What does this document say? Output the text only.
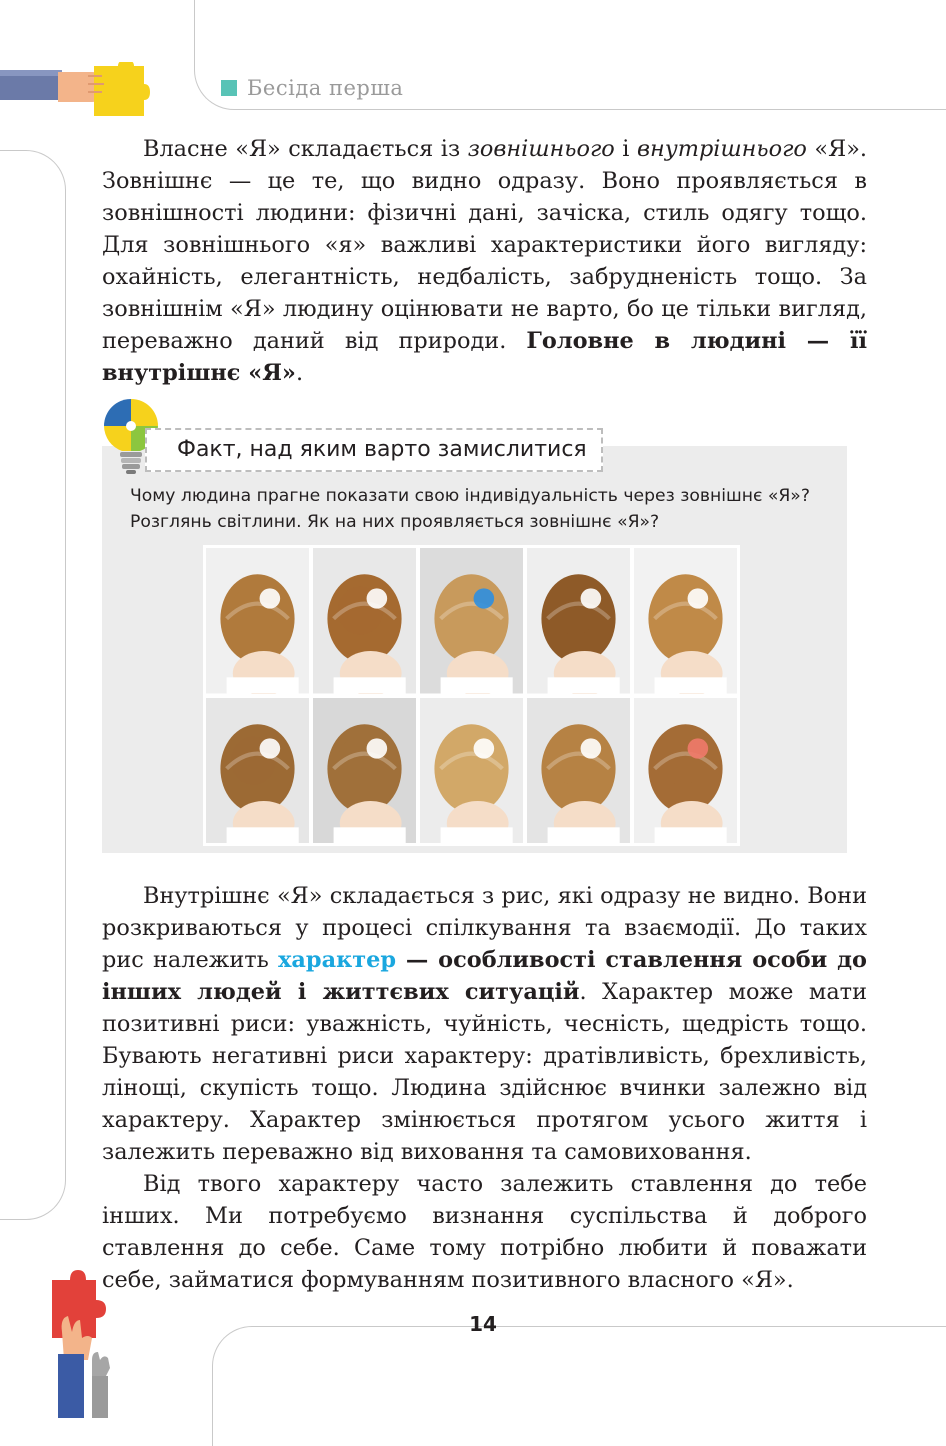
Бесіда перша

Власне «Я» складається із зовнішнього і внутрішнього «Я». Зовнішнє — це те, що видно одразу. Воно проявляється в зовнішності людини: фізичні дані, зачіска, стиль одягу тощо. Для зовнішнього «я» важливі характеристики його вигляду: охайність, елегантність, недбалість, забрудненість тощо. За зовнішнім «Я» людину оцінювати не варто, бо це тільки вигляд, переважно даний від природи. Головне в людині — її внутрішнє «Я».

Факт, над яким варто замислитися
Чому людина прагне показати свою індивідуальність через зовнішнє «Я»?
Розглянь світлини. Як на них проявляється зовнішнє «Я»?

Внутрішнє «Я» складається з рис, які одразу не видно. Вони розкриваються у процесі спілкування та взаємодії. До таких рис належить характер — особливості ставлення особи до інших людей і життєвих ситуацій. Характер може мати позитивні риси: уважність, чуйність, чесність, щедрість тощо. Бувають негативні риси характеру: дратівливість, брехливість, лінощі, скупість тощо. Людина здійснює вчинки залежно від характеру. Характер змінюється протягом усього життя і залежить переважно від виховання та самовиховання.

Від твого характеру часто залежить ставлення до тебе інших. Ми потребуємо визнання суспільства й доброго ставлення до себе. Саме тому потрібно любити й поважати себе, займатися формуванням позитивного власного «Я».

14
